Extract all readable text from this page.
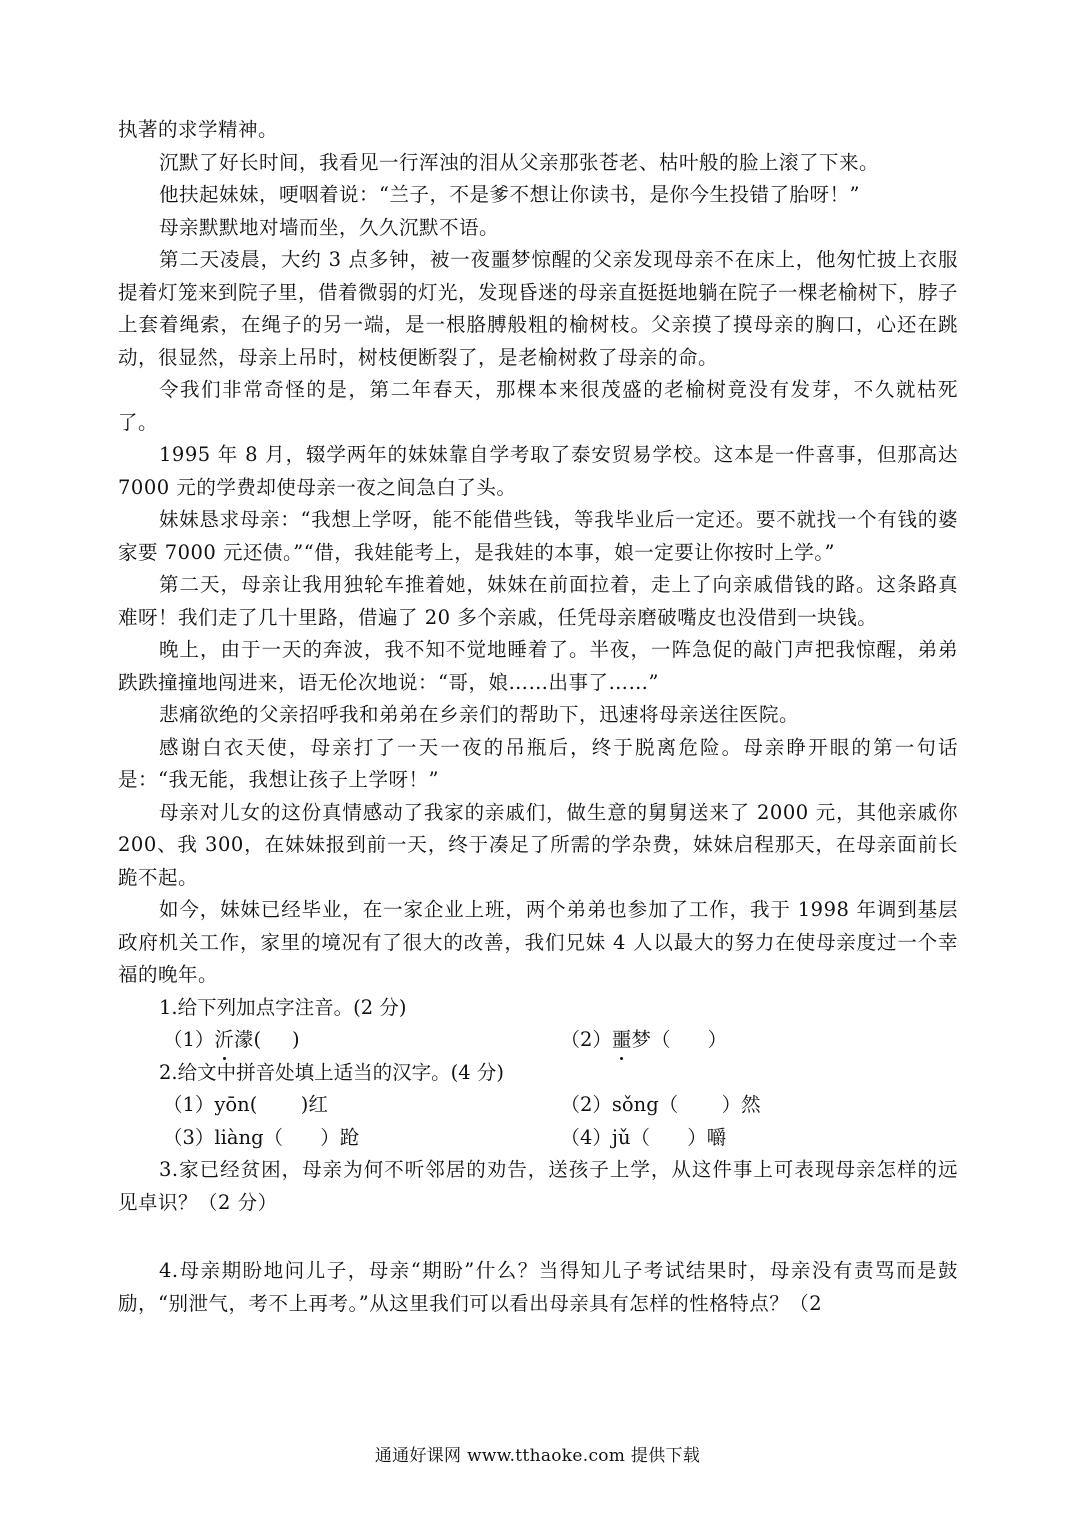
执著的求学精神。

沉默了好长时间，我看见一行浑浊的泪从父亲那张苍老、枯叶般的脸上滚了下来。

他扶起妹妹，哽咽着说：“兰子，不是爹不想让你读书，是你今生投错了胎呀！”

母亲默默地对墙而坐，久久沉默不语。

第二天凌晨，大约 3 点多钟，被一夜噩梦惊醒的父亲发现母亲不在床上，他匆忙披上衣服提着灯笼来到院子里，借着微弱的灯光，发现昏迷的母亲直挺挺地躺在院子一棵老榆树下，脖子上套着绳索，在绳子的另一端，是一根胳膊般粗的榆树枝。父亲摸了摸母亲的胸口，心还在跳动，很显然，母亲上吊时，树枝便断裂了，是老榆树救了母亲的命。

令我们非常奇怪的是，第二年春天，那棵本来很茂盛的老榆树竟没有发芽，不久就枯死了。

1995 年 8 月，辍学两年的妹妹靠自学考取了泰安贸易学校。这本是一件喜事，但那高达 7000 元的学费却使母亲一夜之间急白了头。

妹妹恳求母亲：“我想上学呀，能不能借些钱，等我毕业后一定还。要不就找一个有钱的婆家要 7000 元还债。”“借，我娃能考上，是我娃的本事，娘一定要让你按时上学。”

第二天，母亲让我用独轮车推着她，妹妹在前面拉着，走上了向亲戚借钱的路。这条路真难呀！我们走了几十里路，借遍了 20 多个亲戚，任凭母亲磨破嘴皮也没借到一块钱。

晚上，由于一天的奔波，我不知不觉地睡着了。半夜，一阵急促的敲门声把我惊醒，弟弟跌跌撞撞地闯进来，语无伦次地说：“哥，娘……出事了……”

悲痛欲绝的父亲招呼我和弟弟在乡亲们的帮助下，迅速将母亲送往医院。

感谢白衣天使，母亲打了一天一夜的吊瓶后，终于脱离危险。母亲睁开眼的第一句话是：“我无能，我想让孩子上学呀！”

母亲对儿女的这份真情感动了我家的亲戚们，做生意的舅舅送来了 2000 元，其他亲戚你 200、我 300，在妹妹报到前一天，终于凑足了所需的学杂费，妹妹启程那天，在母亲面前长跪不起。

如今，妹妹已经毕业，在一家企业上班，两个弟弟也参加了工作，我于 1998 年调到基层政府机关工作，家里的境况有了很大的改善，我们兄妹 4 人以最大的努力在使母亲度过一个幸福的晚年。

1.给下列加点字注音。(2 分)

（1）沂濛(     )	（2）噩梦（      ）

2.给文中拼音处填上适当的汉字。(4 分)

（1）yōn(       )红	（2）sǒng（       ）然
（3）liàng（      ）跄	（4）jǔ（      ）嚼

3.家已经贫困，母亲为何不听邻居的劝告，送孩子上学，从这件事上可表现母亲怎样的远见卓识？（2 分）

4.母亲期盼地问儿子，母亲“期盼”什么？当得知儿子考试结果时，母亲没有责骂而是鼓励，“别泄气，考不上再考。”从这里我们可以看出母亲具有怎样的性格特点？（2

通通好课网 www.tthaoke.com 提供下载
